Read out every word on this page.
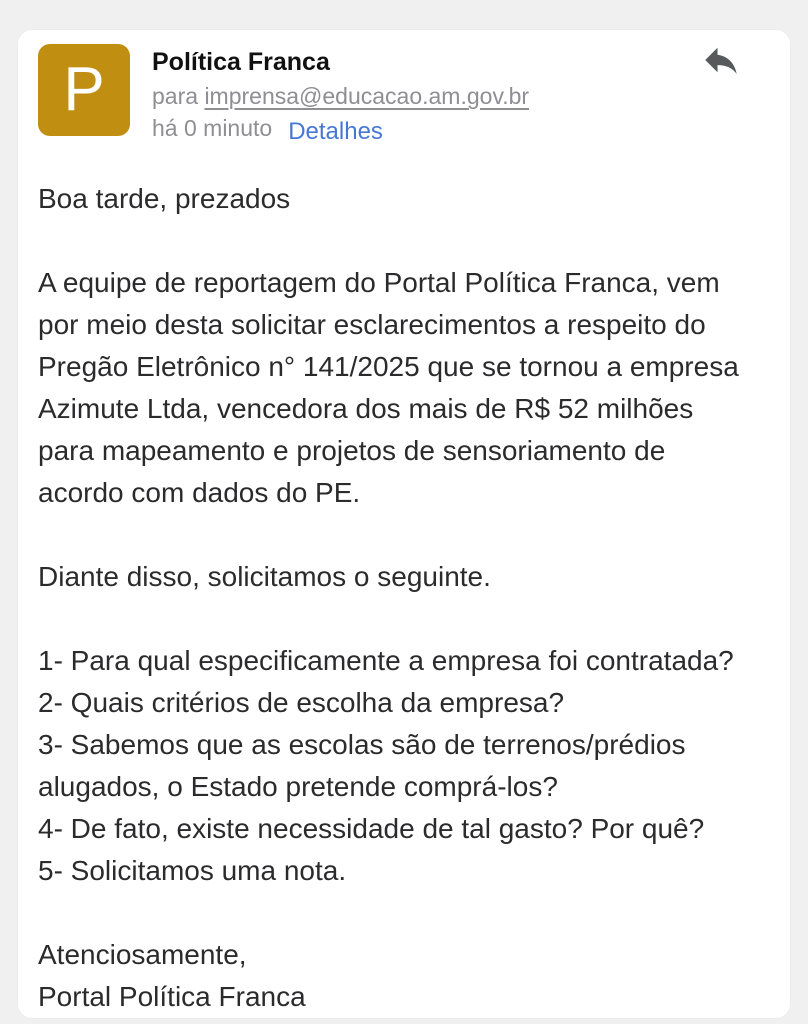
P Política Franca
para imprensa@educacao.am.gov.br
há 0 minuto Detalhes

Boa tarde, prezados

A equipe de reportagem do Portal Política Franca, vem por meio desta solicitar esclarecimentos a respeito do Pregão Eletrônico n° 141/2025 que se tornou a empresa Azimute Ltda, vencedora dos mais de R$ 52 milhões para mapeamento e projetos de sensoriamento de acordo com dados do PE.

Diante disso, solicitamos o seguinte.

1- Para qual especificamente a empresa foi contratada?
2- Quais critérios de escolha da empresa?
3- Sabemos que as escolas são de terrenos/prédios alugados, o Estado pretende comprá-los?
4- De fato, existe necessidade de tal gasto? Por quê?
5- Solicitamos uma nota.
Atenciosamente,
Portal Política Franca
